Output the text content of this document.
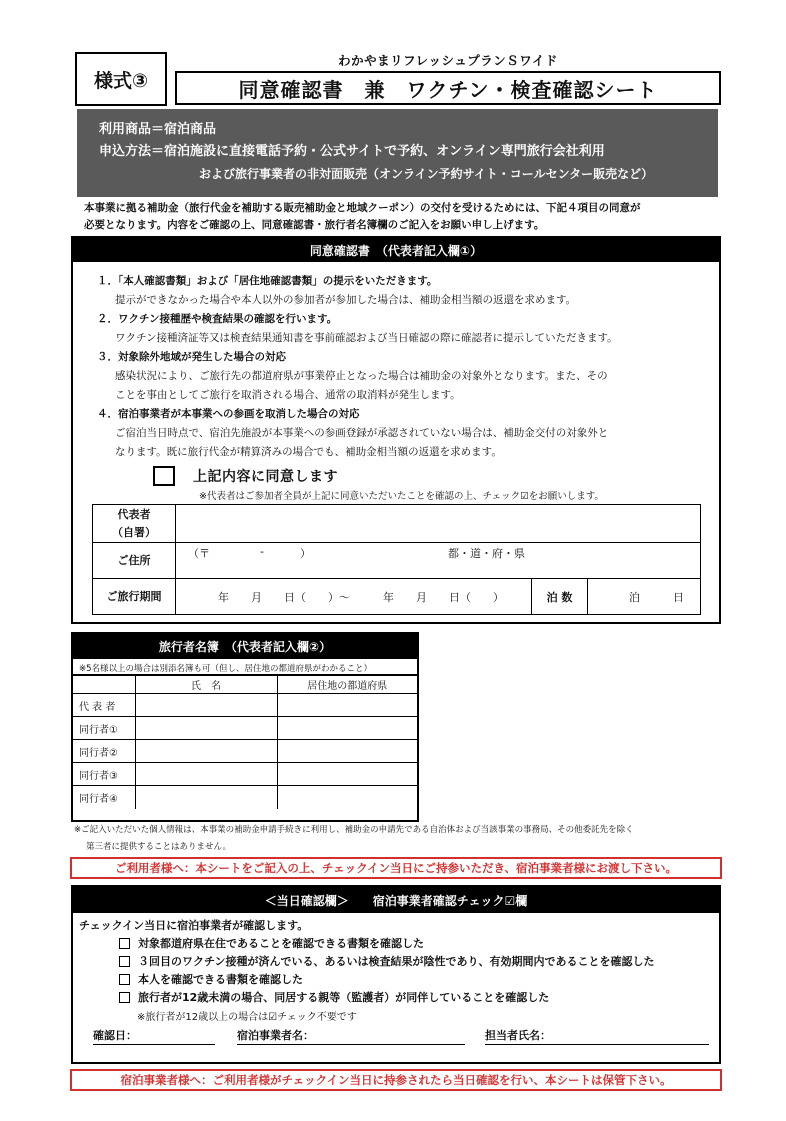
様式③
わかやまリフレッシュプランＳワイド
同意確認書　兼　ワクチン・検査確認シート
利用商品＝宿泊商品
申込方法＝宿泊施設に直接電話予約・公式サイトで予約、オンライン専門旅行会社利用
および旅行事業者の非対面販売（オンライン予約サイト・コールセンター販売など）
本事業に拠る補助金（旅行代金を補助する販売補助金と地域クーポン）の交付を受けるためには、下記４項目の同意が
必要となります。内容をご確認の上、同意確認書・旅行者名簿欄のご記入をお願い申し上げます。
同意確認書　（代表者記入欄①）
１．「本人確認書類」および「居住地確認書類」の提示をいただきます。
提示ができなかった場合や本人以外の参加者が参加した場合は、補助金相当額の返還を求めます。
２．ワクチン接種歴や検査結果の確認を行います。
ワクチン接種済証等又は検査結果通知書を事前確認および当日確認の際に確認者に提示していただきます。
３．対象除外地域が発生した場合の対応
感染状況により、ご旅行先の都道府県が事業停止となった場合は補助金の対象外となります。また、その
ことを事由としてご旅行を取消される場合、通常の取消料が発生します。
４．宿泊事業者が本事業への参画を取消した場合の対応
ご宿泊当日時点で、宿泊先施設が本事業への参画登録が承認されていない場合は、補助金交付の対象外と
なります。既に旅行代金が精算済みの場合でも、補助金相当額の返還を求めます。
上記内容に同意します
※代表者はご参加者全員が上記に同意いただいたことを確認の上、チェック☑をお願いします。
代表者
（自署）			

ご住所	（〒 - ） 都・道・府・県		

ご旅行期間	年　　月　　日（　　）～　　　年　　月　　日（　　）	泊 数	泊　　　日
旅行者名簿　（代表者記入欄②）
※5名様以上の場合は別添名簿も可（但し、居住地の都道府県がわかること）
	氏　名	居住地の都道府県
代 表 者		
同行者①		
同行者②		
同行者③		
同行者④		
※ご記入いただいた個人情報は、本事業の補助金申請手続きに利用し、補助金の申請先である自治体および当該事業の事務局、その他委託先を除く
第三者に提供することはありません。
ご利用者様へ：本シートをご記入の上、チェックイン当日にご持参いただき、宿泊事業者様にお渡し下さい。
＜当日確認欄＞　　宿泊事業者確認チェック☑欄
チェックイン当日に宿泊事業者が確認します。
対象都道府県在住であることを確認できる書類を確認した
３回目のワクチン接種が済んでいる、あるいは検査結果が陰性であり、有効期間内であることを確認した
本人を確認できる書類を確認した
旅行者が12歳未満の場合、同居する親等（監護者）が同伴していることを確認した
※旅行者が12歳以上の場合は☑チェック不要です
確認日：	宿泊事業者名：	担当者氏名：
宿泊事業者様へ：ご利用者様がチェックイン当日に持参されたら当日確認を行い、本シートは保管下さい。
